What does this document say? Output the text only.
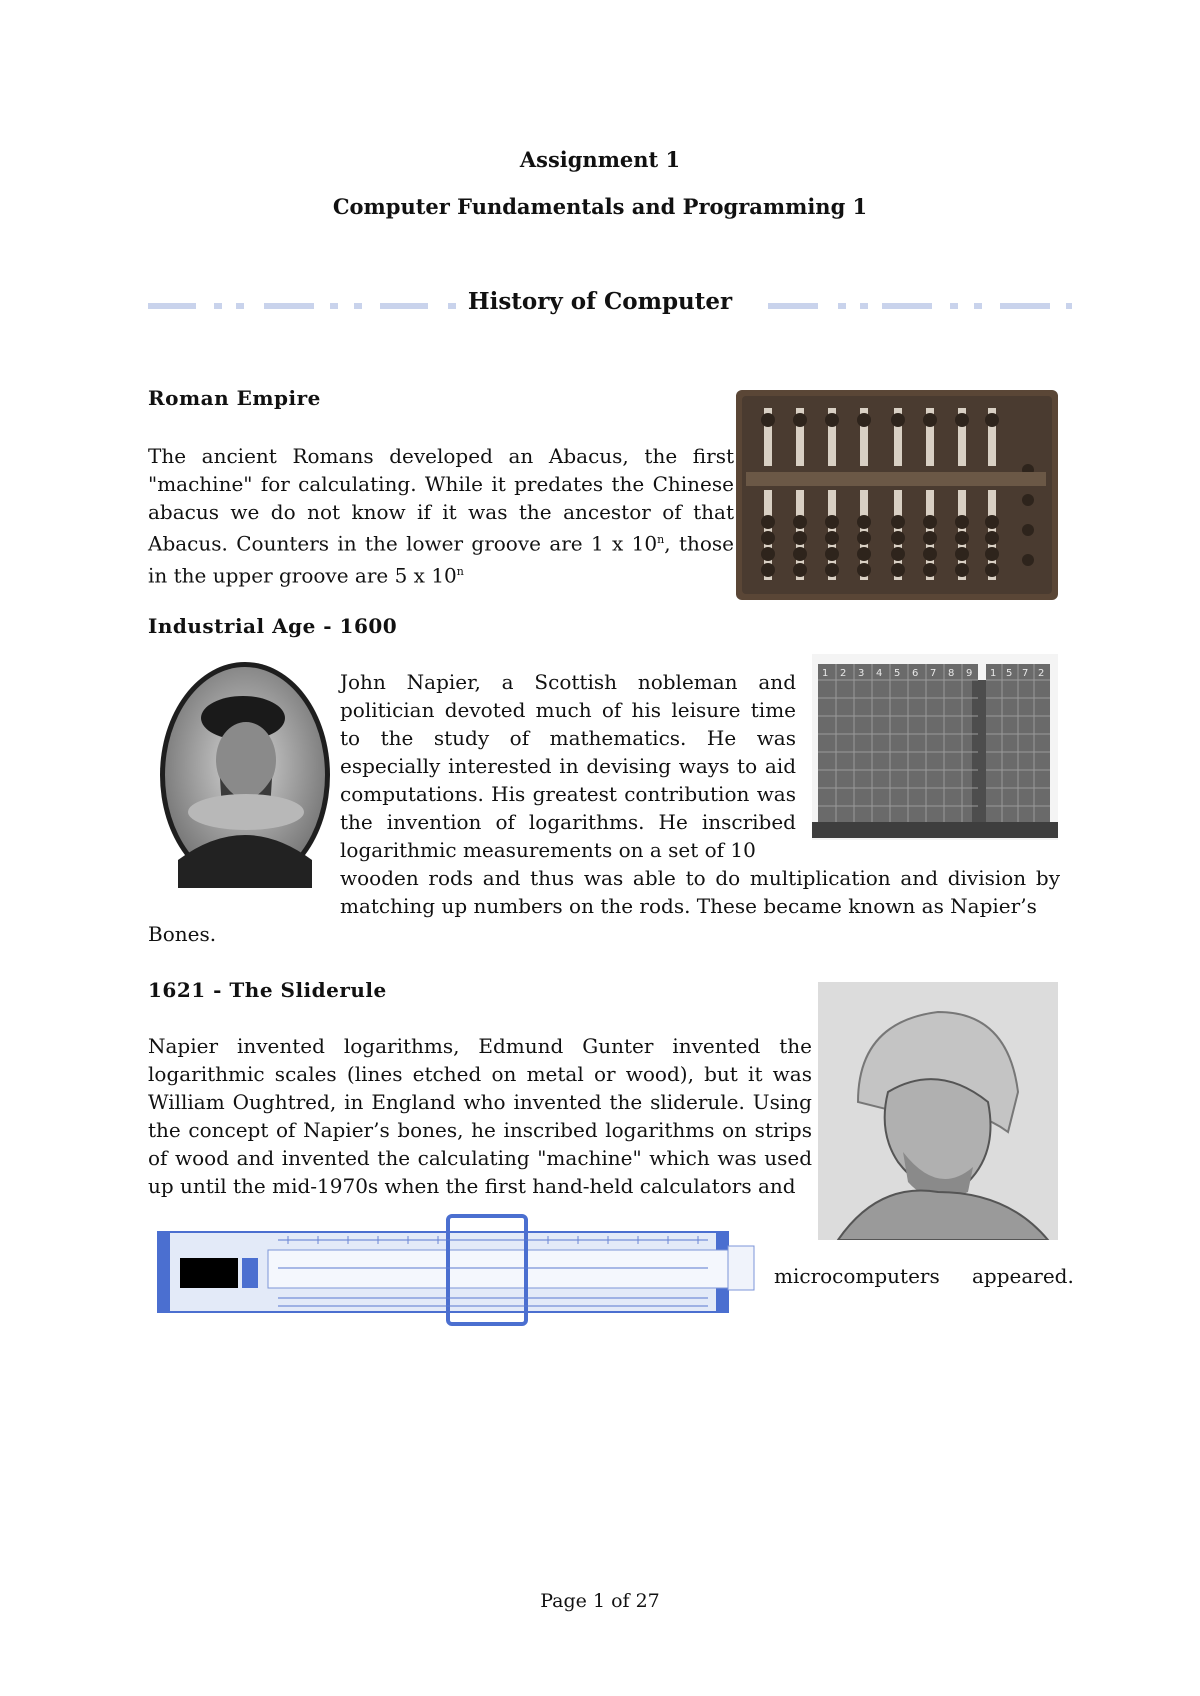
Assignment 1
Computer Fundamentals and Programming 1
History of Computer
Roman Empire
The ancient Romans developed an Abacus, the first "machine" for calculating. While it predates the Chinese abacus we do not know if it was the ancestor of that Abacus. Counters in the lower groove are 1 x 10$^n$, those in the upper groove are 5 x 10$^n$
Industrial Age - 1600
John Napier, a Scottish nobleman and politician devoted much of his leisure time to the study of mathematics. He was especially interested in devising ways to aid computations. His greatest contribution was the invention of logarithms. He inscribed logarithmic measurements on a set of 10
1 2 3 4 5 6 7 8 9 1 5 7 2
wooden rods and thus was able to do multiplication and division by matching up numbers on the rods. These became known as Napier’s
Bones.
1621 - The Sliderule
Napier invented logarithms, Edmund Gunter invented the logarithmic scales (lines etched on metal or wood), but it was William Oughtred, in England who invented the sliderule. Using the concept of Napier’s bones, he inscribed logarithms on strips of wood and invented the calculating "machine" which was used up until the mid-1970s when the first hand-held calculators and
microcomputers appeared.
Page 1 of 27
